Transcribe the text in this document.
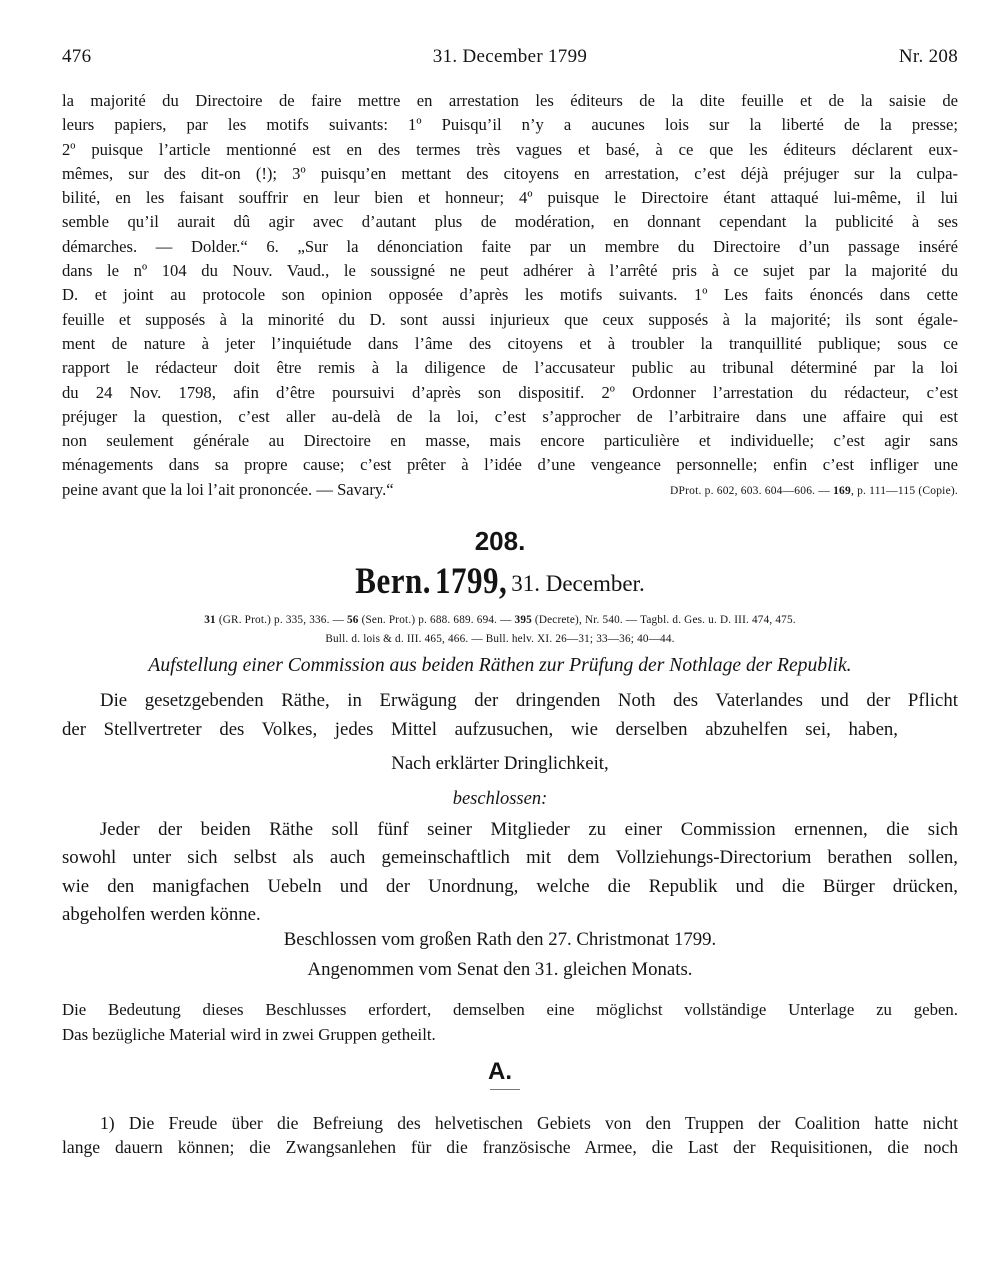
476	31. December 1799	Nr. 208

la majorité du Directoire de faire mettre en arrestation les éditeurs de la dite feuille et de la saisie de

leurs papiers, par les motifs suivants: 1º Puisqu’il n’y a aucunes lois sur la liberté de la presse;

2º puisque l’article mentionné est en des termes très vagues et basé, à ce que les éditeurs déclarent eux-

mêmes, sur des dit-on (!); 3º puisqu’en mettant des citoyens en arrestation, c’est déjà préjuger sur la culpa-

bilité, en les faisant souffrir en leur bien et honneur; 4º puisque le Directoire étant attaqué lui-même, il lui

semble qu’il aurait dû agir avec d’autant plus de modération, en donnant cependant la publicité à ses

démarches. — Dolder.“ 6. „Sur la dénonciation faite par un membre du Directoire d’un passage inséré

dans le nº 104 du Nouv. Vaud., le soussigné ne peut adhérer à l’arrêté pris à ce sujet par la majorité du

D. et joint au protocole son opinion opposée d’après les motifs suivants. 1º Les faits énoncés dans cette

feuille et supposés à la minorité du D. sont aussi injurieux que ceux supposés à la majorité; ils sont égale-

ment de nature à jeter l’inquiétude dans l’âme des citoyens et à troubler la tranquillité publique; sous ce

rapport le rédacteur doit être remis à la diligence de l’accusateur public au tribunal déterminé par la loi

du 24 Nov. 1798, afin d’être poursuivi d’après son dispositif. 2º Ordonner l’arrestation du rédacteur, c’est

préjuger la question, c’est aller au-delà de la loi, c’est s’approcher de l’arbitraire dans une affaire qui est

non seulement générale au Directoire en masse, mais encore particulière et individuelle; c’est agir sans

ménagements dans sa propre cause; c’est prêter à l’idée d’une vengeance personnelle; enfin c’est infliger une

peine avant que la loi l’ait prononcée. — Savary.“	DProt. p. 602, 603. 604—606. — 169, p. 111—115 (Copie).
208.
Bern. 1799, 31. December.
31 (GR. Prot.) p. 335, 336. — 56 (Sen. Prot.) p. 688. 689. 694. — 395 (Decrete), Nr. 540. — Tagbl. d. Ges. u. D. III. 474, 475.
Bull. d. lois & d. III. 465, 466. — Bull. helv. XI. 26—31; 33—36; 40—44.
Aufstellung einer Commission aus beiden Räthen zur Prüfung der Nothlage der Republik.

Die gesetzgebenden Räthe, in Erwägung der dringenden Noth des Vaterlandes und der Pflicht

der Stellvertreter des Volkes, jedes Mittel aufzusuchen, wie derselben abzuhelfen sei, haben,

Nach erklärter Dringlichkeit,
beschlossen:

Jeder der beiden Räthe soll fünf seiner Mitglieder zu einer Commission ernennen, die sich

sowohl unter sich selbst als auch gemeinschaftlich mit dem Vollziehungs-Directorium berathen sollen,

wie den manigfachen Uebeln und der Unordnung, welche die Republik und die Bürger drücken,

abgeholfen werden könne.

Beschlossen vom großen Rath den 27. Christmonat 1799.
Angenommen vom Senat den 31. gleichen Monats.

Die Bedeutung dieses Beschlusses erfordert, demselben eine möglichst vollständige Unterlage zu geben.

Das bezügliche Material wird in zwei Gruppen getheilt.

A.

1) Die Freude über die Befreiung des helvetischen Gebiets von den Truppen der Coalition hatte nicht

lange dauern können; die Zwangsanlehen für die französische Armee, die Last der Requisitionen, die noch
